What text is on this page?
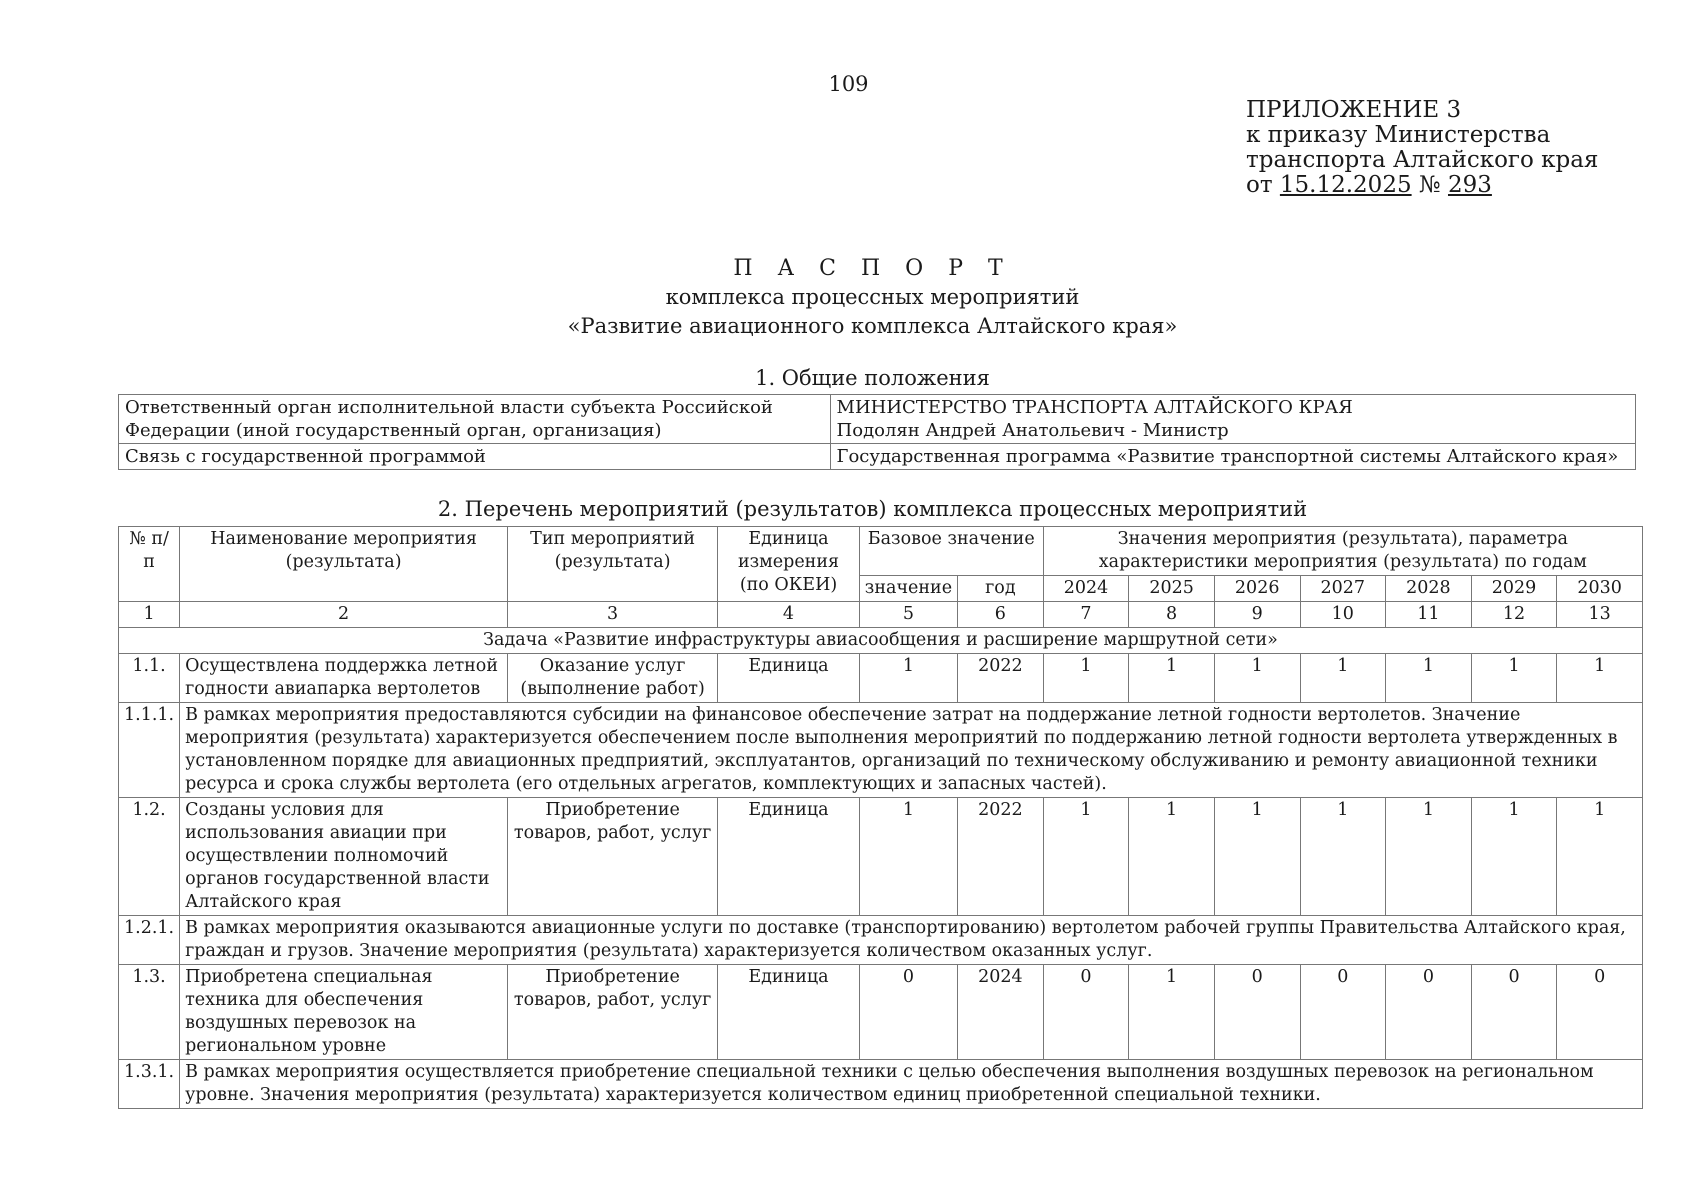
109
ПРИЛОЖЕНИЕ 3
к приказу Министерства
транспорта Алтайского края
от 15.12.2025 № 293
П А С П О Р Т
комплекса процессных мероприятий
«Развитие авиационного комплекса Алтайского края»
1. Общие положения
Ответственный орган исполнительной власти субъекта Российской Федерации (иной государственный орган, организация)	МИНИСТЕРСТВО ТРАНСПОРТА АЛТАЙСКОГО КРАЯ
Подолян Андрей Анатольевич - Министр

Связь с государственной программой	Государственная программа «Развитие транспортной системы Алтайского края»
2. Перечень мероприятий (результатов) комплекса процессных мероприятий
№ п/п	Наименование мероприятия (результата)	Тип мероприятий (результата)	Единица измерения (по ОКЕИ)	Базовое значение		Значения мероприятия (результата), параметра характеристики мероприятия (результата) по годам						
				значение	год	2024	2025	2026	2027	2028	2029	2030
1	2	3	4	5	6	7	8	9	10	11	12	13
Задача «Развитие инфраструктуры авиасообщения и расширение маршрутной сети»												
1.1.	Осуществлена поддержка летной годности авиапарка вертолетов	Оказание услуг (выполнение работ)	Единица	1	2022	1	1	1	1	1	1	1
1.1.1.	В рамках мероприятия предоставляются субсидии на финансовое обеспечение затрат на поддержание летной годности вертолетов. Значение мероприятия (результата) характеризуется обеспечением после выполнения мероприятий по поддержанию летной годности вертолета утвержденных в установленном порядке для авиационных предприятий, эксплуатантов, организаций по техническому обслуживанию и ремонту авиационной техники ресурса и срока службы вертолета (его отдельных агрегатов, комплектующих и запасных частей).											
1.2.	Созданы условия для использования авиации при осуществлении полномочий органов государственной власти Алтайского края	Приобретение товаров, работ, услуг	Единица	1	2022	1	1	1	1	1	1	1
1.2.1.	В рамках мероприятия оказываются авиационные услуги по доставке (транспортированию) вертолетом рабочей группы Правительства Алтайского края, граждан и грузов. Значение мероприятия (результата) характеризуется количеством оказанных услуг.											
1.3.	Приобретена специальная техника для обеспечения воздушных перевозок на региональном уровне	Приобретение товаров, работ, услуг	Единица	0	2024	0	1	0	0	0	0	0
1.3.1.	В рамках мероприятия осуществляется приобретение специальной техники с целью обеспечения выполнения воздушных перевозок на региональном уровне. Значения мероприятия (результата) характеризуется количеством единиц приобретенной специальной техники.											
